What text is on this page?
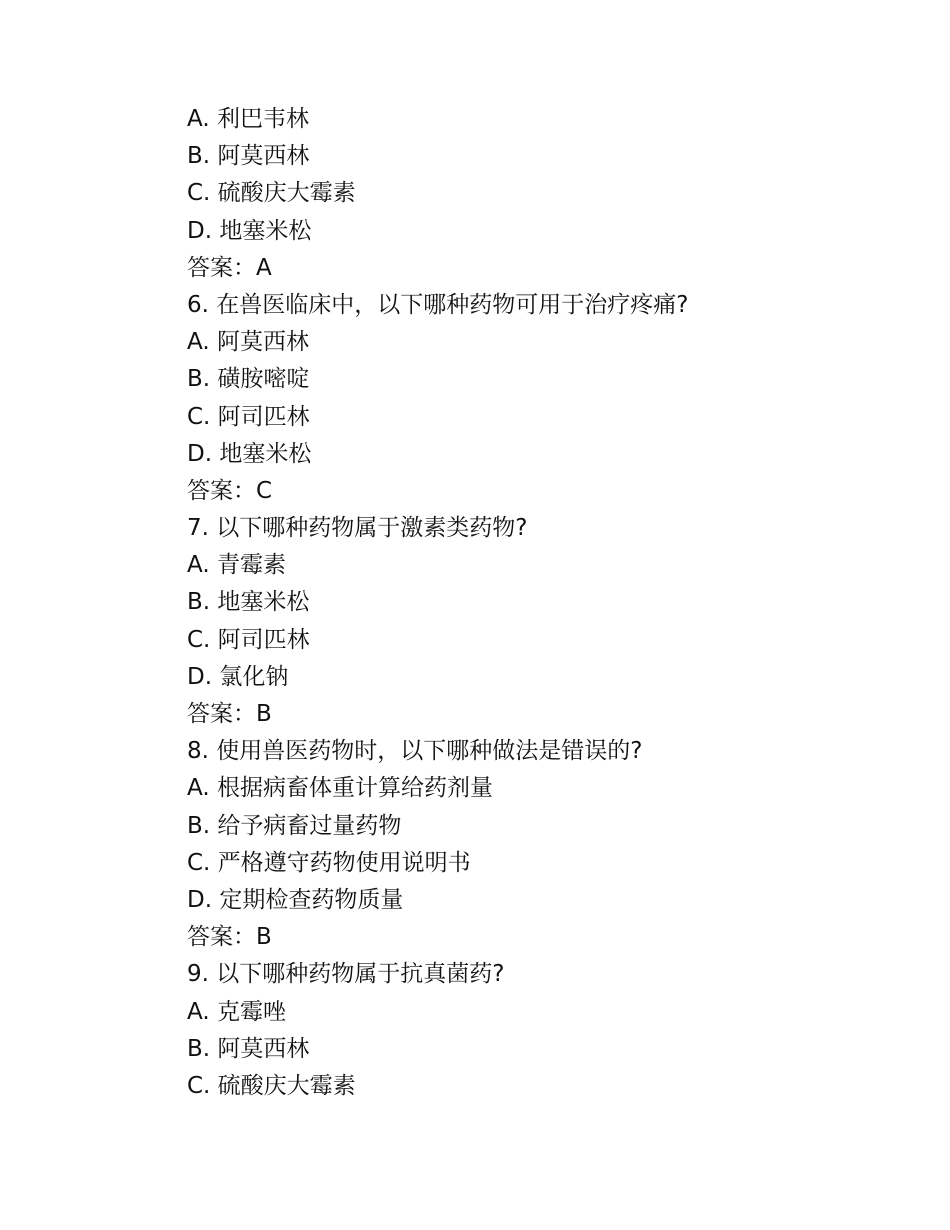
A. 利巴韦林
B. 阿莫西林
C. 硫酸庆大霉素
D. 地塞米松
答案：A
6. 在兽医临床中，以下哪种药物可用于治疗疼痛?
A. 阿莫西林
B. 磺胺嘧啶
C. 阿司匹林
D. 地塞米松
答案：C
7. 以下哪种药物属于激素类药物?
A. 青霉素
B. 地塞米松
C. 阿司匹林
D. 氯化钠
答案：B
8. 使用兽医药物时，以下哪种做法是错误的?
A. 根据病畜体重计算给药剂量
B. 给予病畜过量药物
C. 严格遵守药物使用说明书
D. 定期检查药物质量
答案：B
9. 以下哪种药物属于抗真菌药?
A. 克霉唑
B. 阿莫西林
C. 硫酸庆大霉素
